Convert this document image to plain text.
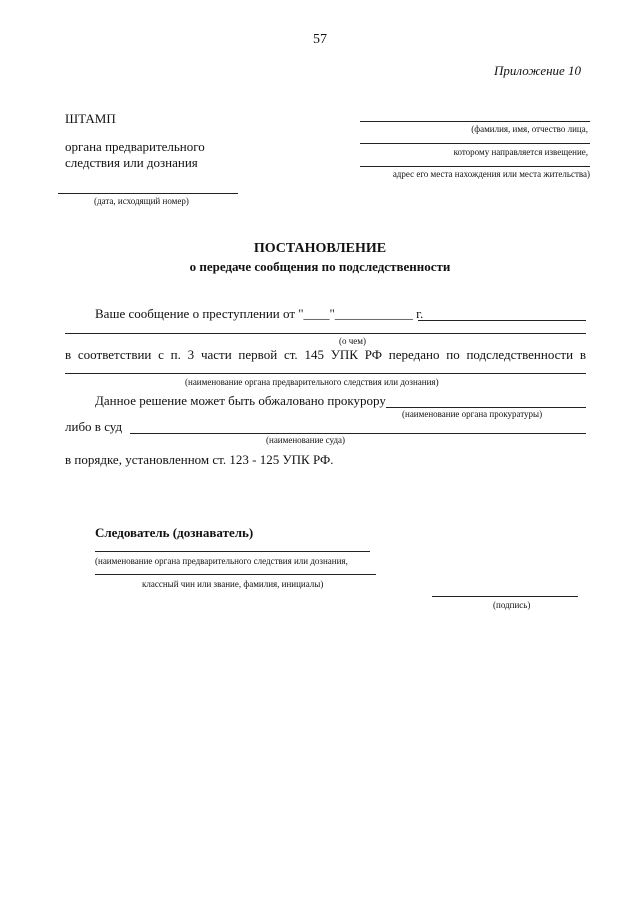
57
Приложение 10
ШТАМП
органа предварительного
следствия или дознания
(дата, исходящий номер)
(фамилия, имя, отчество лица,
которому направляется извещение,
адрес его места нахождения или места жительства)
ПОСТАНОВЛЕНИЕ
о передаче сообщения по подследственности
Ваше сообщение о преступлении от "____"____________ г.
(о чем)
в соответствии с п. 3 части первой ст. 145 УПК РФ передано по подследственности в
(наименование органа предварительного следствия или дознания)
Данное решение может быть обжаловано прокурору
(наименование органа прокуратуры)
либо в суд
(наименование суда)
в порядке, установленном ст. 123 - 125 УПК РФ.
Следователь (дознаватель)
(наименование органа предварительного следствия или дознания,
классный чин или звание, фамилия, инициалы)
(подпись)
